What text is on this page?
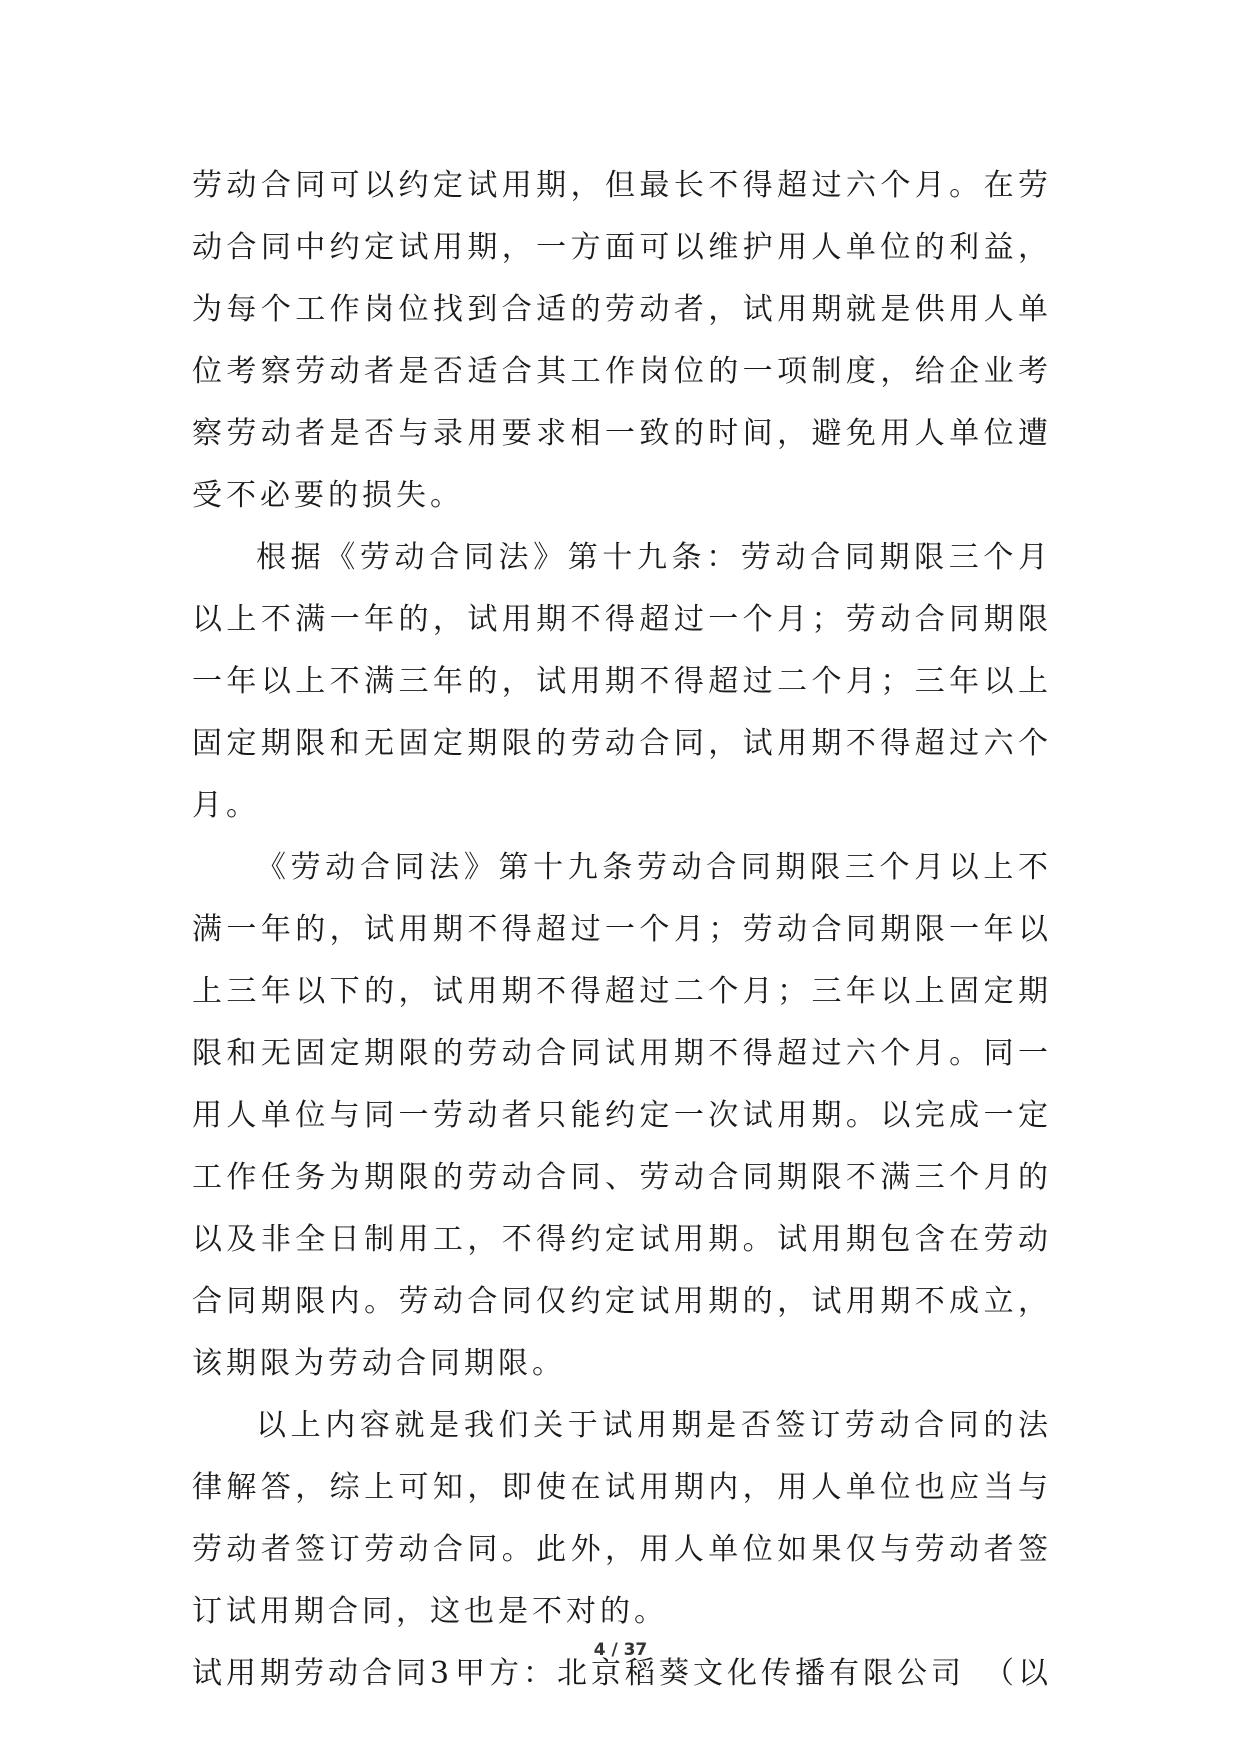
劳动合同可以约定试用期，但最长不得超过六个月。在劳动合同中约定试用期，一方面可以维护用人单位的利益，为每个工作岗位找到合适的劳动者，试用期就是供用人单位考察劳动者是否适合其工作岗位的一项制度，给企业考察劳动者是否与录用要求相一致的时间，避免用人单位遭受不必要的损失。

根据《劳动合同法》第十九条：劳动合同期限三个月以上不满一年的，试用期不得超过一个月；劳动合同期限一年以上不满三年的，试用期不得超过二个月；三年以上固定期限和无固定期限的劳动合同，试用期不得超过六个月。

《劳动合同法》第十九条劳动合同期限三个月以上不满一年的，试用期不得超过一个月；劳动合同期限一年以上三年以下的，试用期不得超过二个月；三年以上固定期限和无固定期限的劳动合同试用期不得超过六个月。同一用人单位与同一劳动者只能约定一次试用期。以完成一定工作任务为期限的劳动合同、劳动合同期限不满三个月的以及非全日制用工，不得约定试用期。试用期包含在劳动合同期限内。劳动合同仅约定试用期的，试用期不成立，该期限为劳动合同期限。

以上内容就是我们关于试用期是否签订劳动合同的法律解答，综上可知，即使在试用期内，用人单位也应当与劳动者签订劳动合同。此外，用人单位如果仅与劳动者签订试用期合同，这也是不对的。

试用期劳动合同3 甲方：北京稻葵文化传播有限公司　（以

4 / 37
